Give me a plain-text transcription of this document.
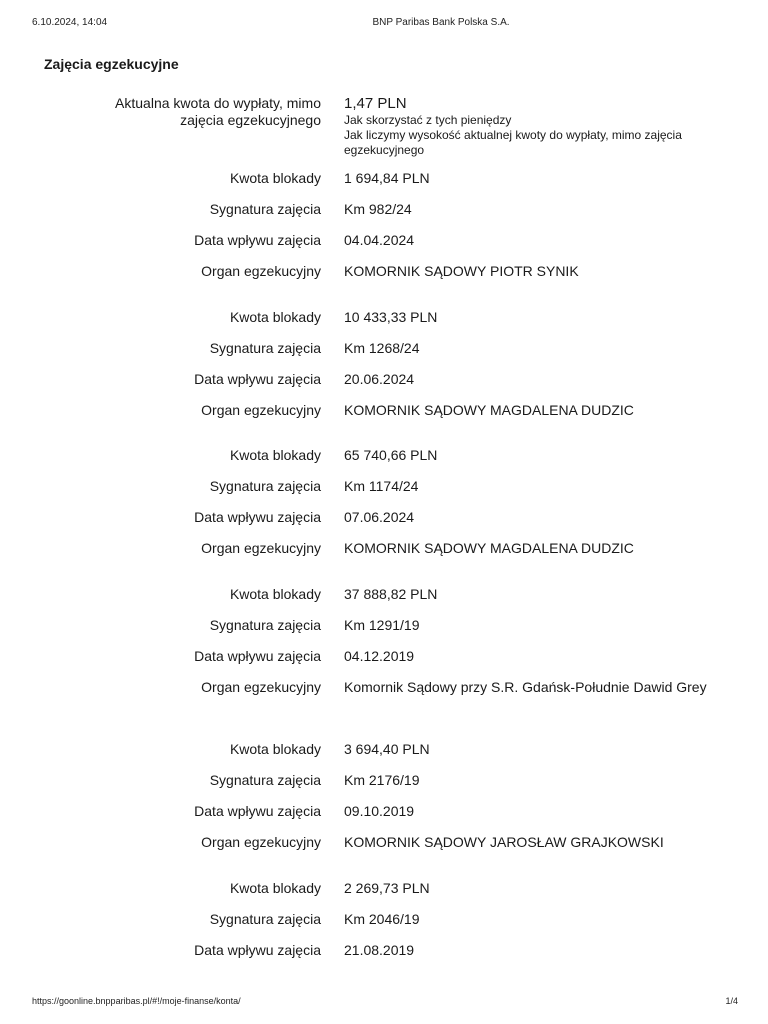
6.10.2024, 14:04	BNP Paribas Bank Polska S.A.
Zajęcia egzekucyjne
Aktualna kwota do wypłaty, mimo zajęcia egzekucyjnego
1,47 PLN
Jak skorzystać z tych pieniędzy
Jak liczymy wysokość aktualnej kwoty do wypłaty, mimo zajęcia egzekucyjnego
Kwota blokady 1 694,84 PLN
Sygnatura zajęcia Km 982/24
Data wpływu zajęcia 04.04.2024
Organ egzekucyjny KOMORNIK SĄDOWY PIOTR SYNIK
Kwota blokady 10 433,33 PLN
Sygnatura zajęcia Km 1268/24
Data wpływu zajęcia 20.06.2024
Organ egzekucyjny KOMORNIK SĄDOWY MAGDALENA DUDZIC
Kwota blokady 65 740,66 PLN
Sygnatura zajęcia Km 1174/24
Data wpływu zajęcia 07.06.2024
Organ egzekucyjny KOMORNIK SĄDOWY MAGDALENA DUDZIC
Kwota blokady 37 888,82 PLN
Sygnatura zajęcia Km 1291/19
Data wpływu zajęcia 04.12.2019
Organ egzekucyjny Komornik Sądowy przy S.R. Gdańsk-Południe Dawid Grey
Kwota blokady 3 694,40 PLN
Sygnatura zajęcia Km 2176/19
Data wpływu zajęcia 09.10.2019
Organ egzekucyjny KOMORNIK SĄDOWY JAROSŁAW GRAJKOWSKI
Kwota blokady 2 269,73 PLN
Sygnatura zajęcia Km 2046/19
Data wpływu zajęcia 21.08.2019
https://goonline.bnpparibas.pl/#!/moje-finanse/konta/	1/4
